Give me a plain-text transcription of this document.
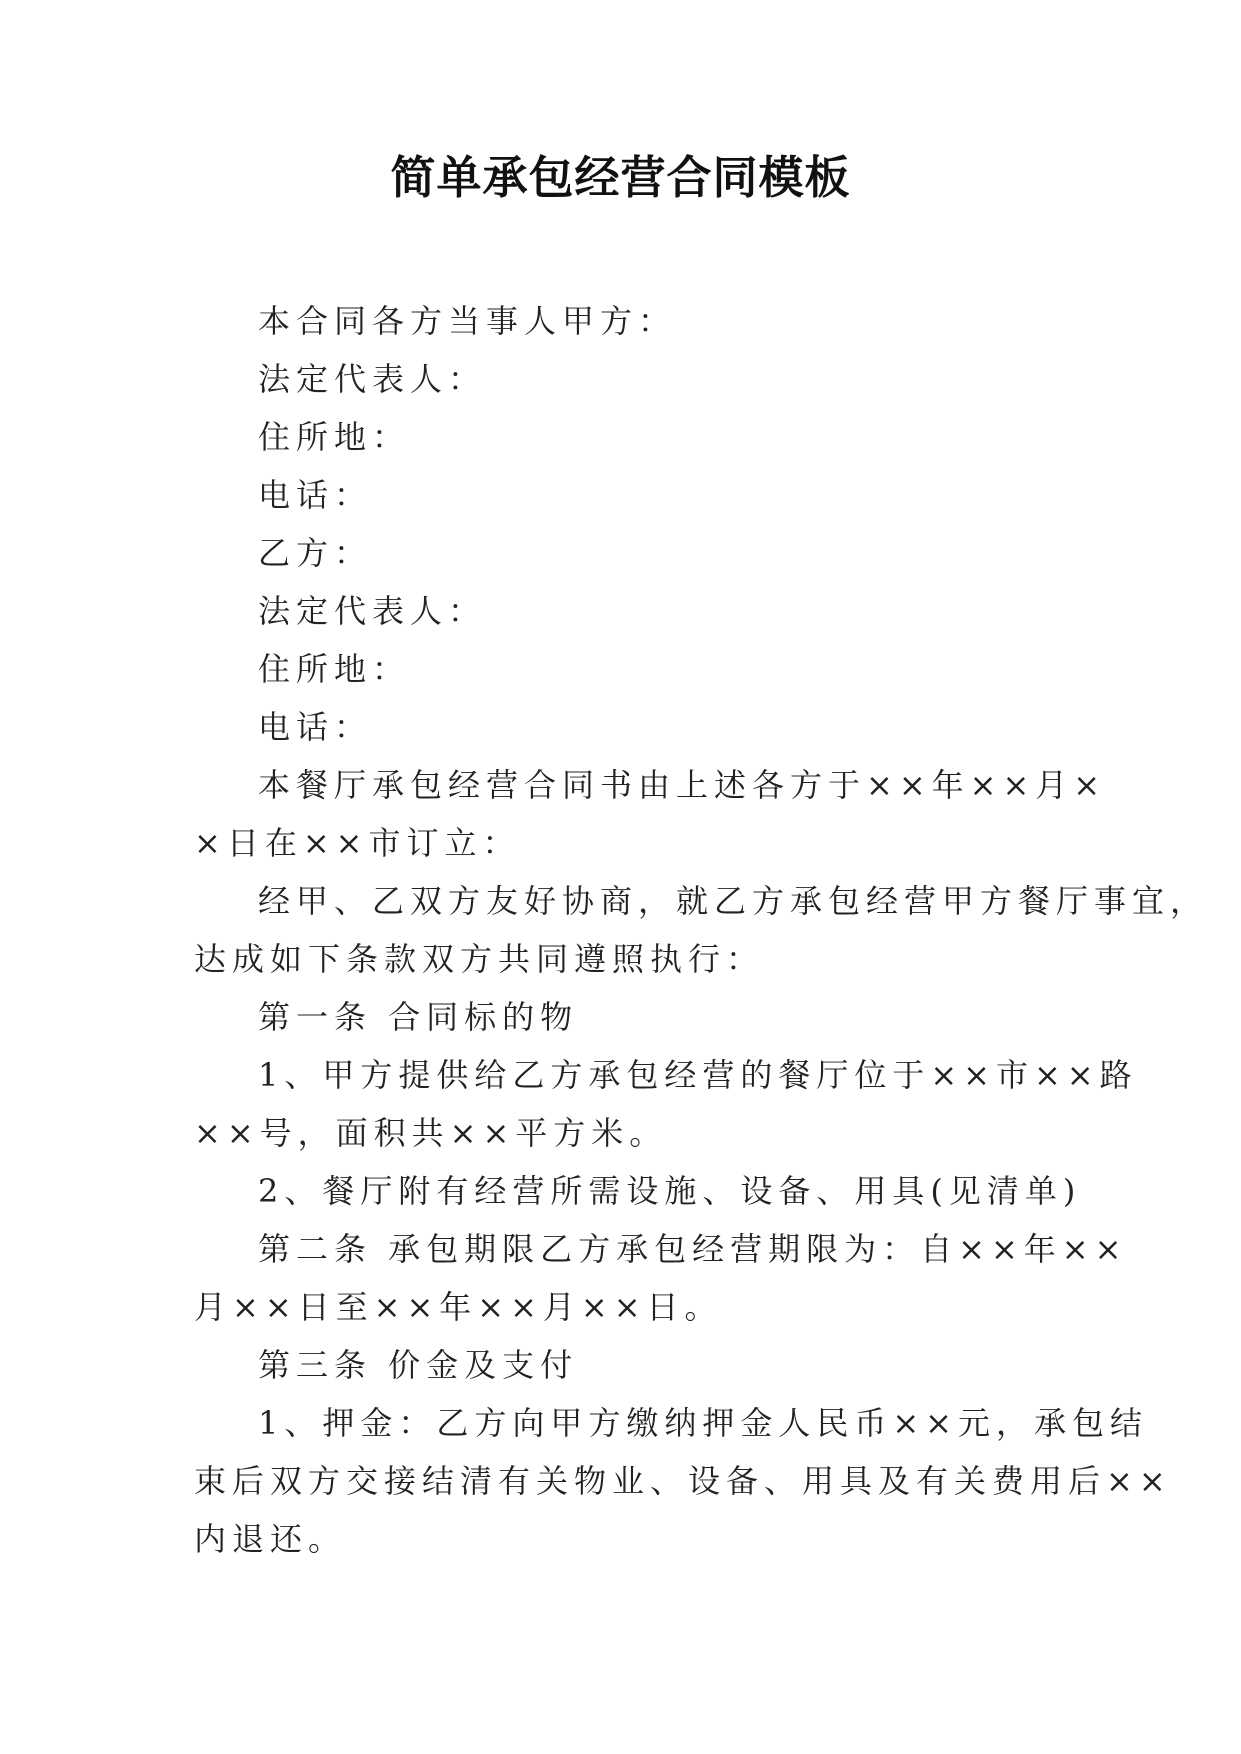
简单承包经营合同模板
本合同各方当事人甲方：
法定代表人：
住所地：
电话：
乙方：
法定代表人：
住所地：
电话：
本餐厅承包经营合同书由上述各方于××年××月×
×日在××市订立：
经甲、乙双方友好协商，就乙方承包经营甲方餐厅事宜，
达成如下条款双方共同遵照执行：
第一条 合同标的物
1、甲方提供给乙方承包经营的餐厅位于××市××路
××号，面积共××平方米。
2、餐厅附有经营所需设施、设备、用具(见清单)
第二条 承包期限乙方承包经营期限为：自××年××
月××日至××年××月××日。
第三条 价金及支付
1、押金：乙方向甲方缴纳押金人民币××元，承包结
束后双方交接结清有关物业、设备、用具及有关费用后××
内退还。
